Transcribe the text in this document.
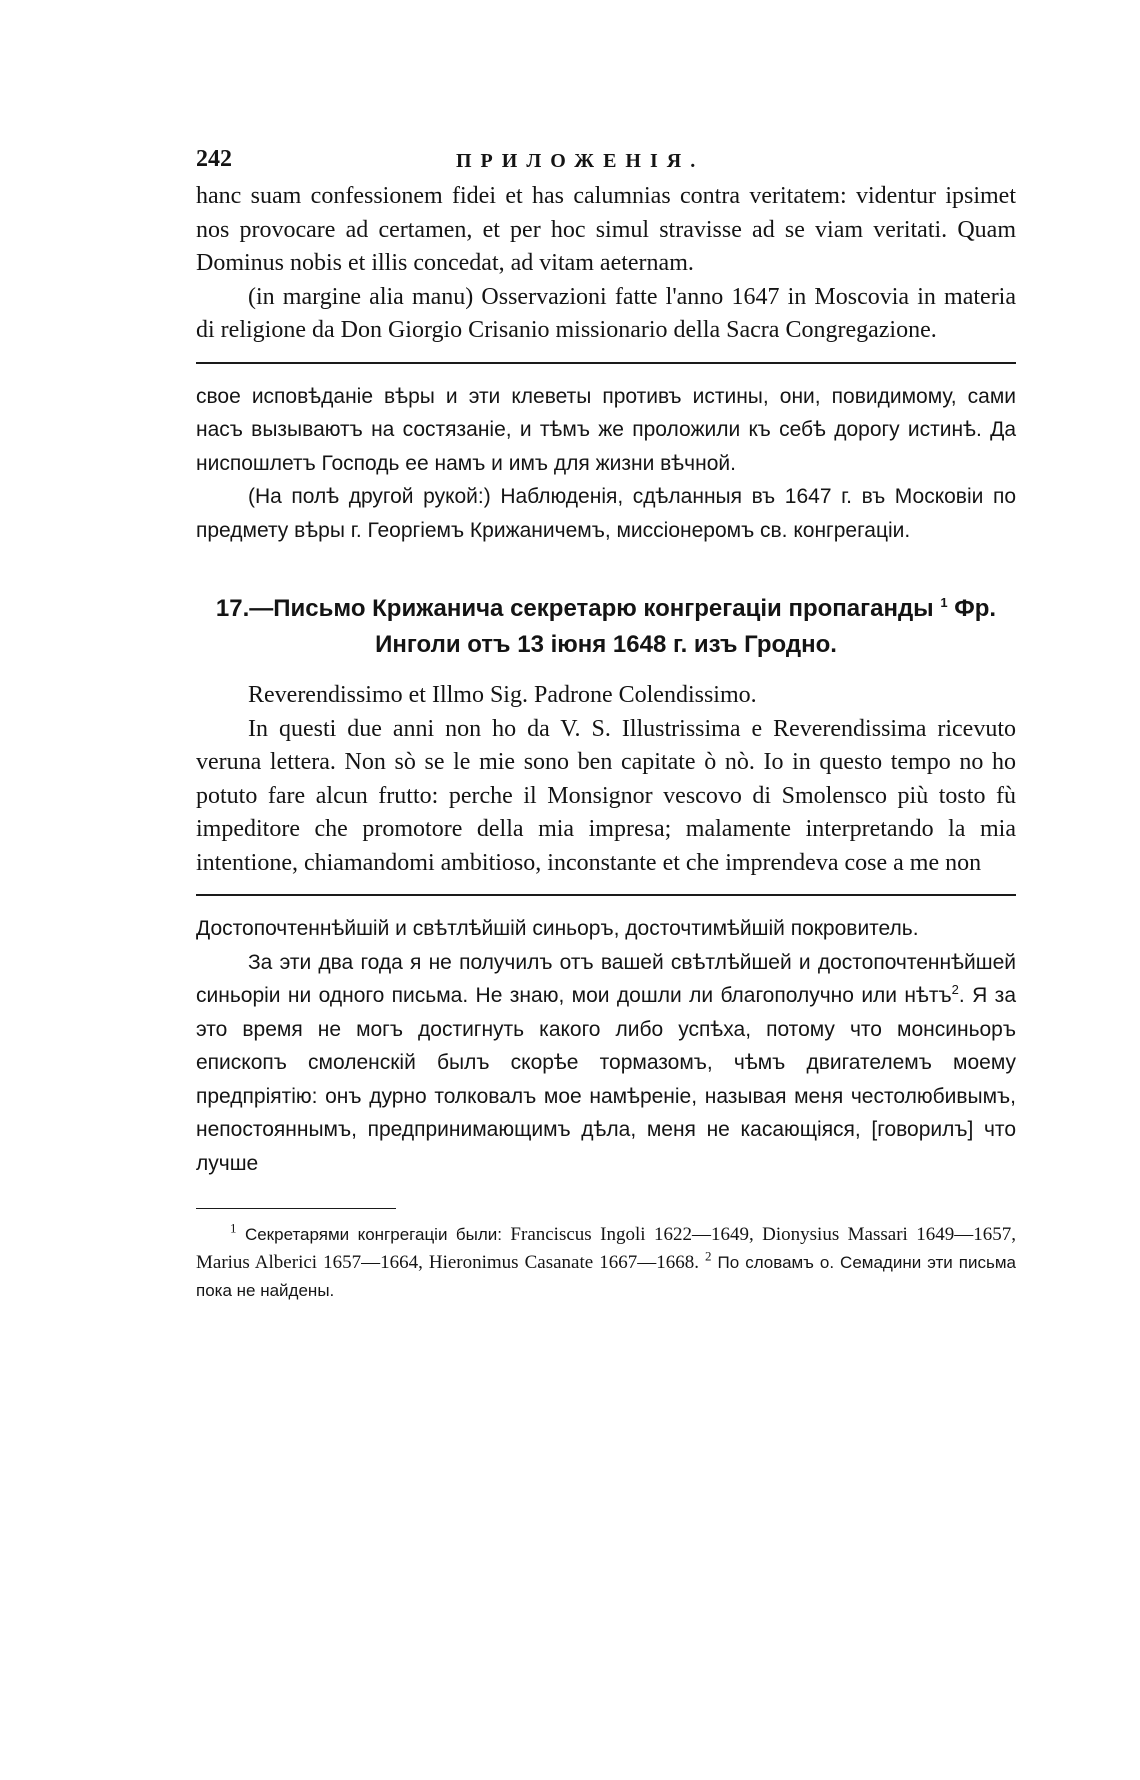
242	ПРИЛОЖЕНІЯ.

hanc suam confessionem fidei et has calumnias contra veritatem: videntur ipsimet nos provocare ad certamen, et per hoc simul stravisse ad se viam veritati. Quam Dominus nobis et illis concedat, ad vitam aeternam.

(in margine alia manu) Osservazioni fatte l'anno 1647 in Moscovia in materia di religione da Don Giorgio Crisanio missionario della Sacra Congregazione.

свое исповѣданіе вѣры и эти клеветы противъ истины, они, повидимому, сами насъ вызываютъ на состязаніе, и тѣмъ же проложили къ себѣ дорогу истинѣ. Да ниспошлетъ Господь ее намъ и имъ для жизни вѣчной.

(На полѣ другой рукой:) Наблюденія, сдѣланныя въ 1647 г. въ Московіи по предмету вѣры г. Георгіемъ Крижаничемъ, миссіонеромъ св. конгрегаціи.

17.—Письмо Крижанича секретарю конгрегаціи пропаганды $^1$ Фр.
Инголи отъ 13 іюня 1648 г. изъ Гродно.

Reverendissimo et Illmo Sig. Padrone Colendissimo.

In questi due anni non ho da V. S. Illustrissima e Reverendissima ricevuto veruna lettera. Non sò se le mie sono ben capitate ò nò. Io in questo tempo no ho potuto fare alcun frutto: perche il Monsignor vescovo di Smolensco più tosto fù impeditore che promotore della mia impresa; malamente interpretando la mia intentione, chiamandomi ambitioso, inconstante et che imprendeva cose a me non

Достопочтеннѣйшій и свѣтлѣйшій синьоръ, досточтимѣйшій покровитель.

За эти два года я не получилъ отъ вашей свѣтлѣйшей и достопочтеннѣйшей синьоріи ни одного письма. Не знаю, мои дошли ли благополучно или нѣтъ$^2$. Я за это время не могъ достигнуть какого либо успѣха, потому что монсиньоръ епископъ смоленскій былъ скорѣе тормазомъ, чѣмъ двигателемъ моему предпріятію: онъ дурно толковалъ мое намѣреніе, называя меня честолюбивымъ, непостояннымъ, предпринимающимъ дѣла, меня не касающіяся, [говорилъ] что лучше

$^1$ Секретарями конгрегаціи были: Franciscus Ingoli 1622—1649, Dionysius Massari 1649—1657, Marius Alberici 1657—1664, Hieronimus Casanate 1667—1668. $^2$ По словамъ о. Семадини эти письма пока не найдены.
